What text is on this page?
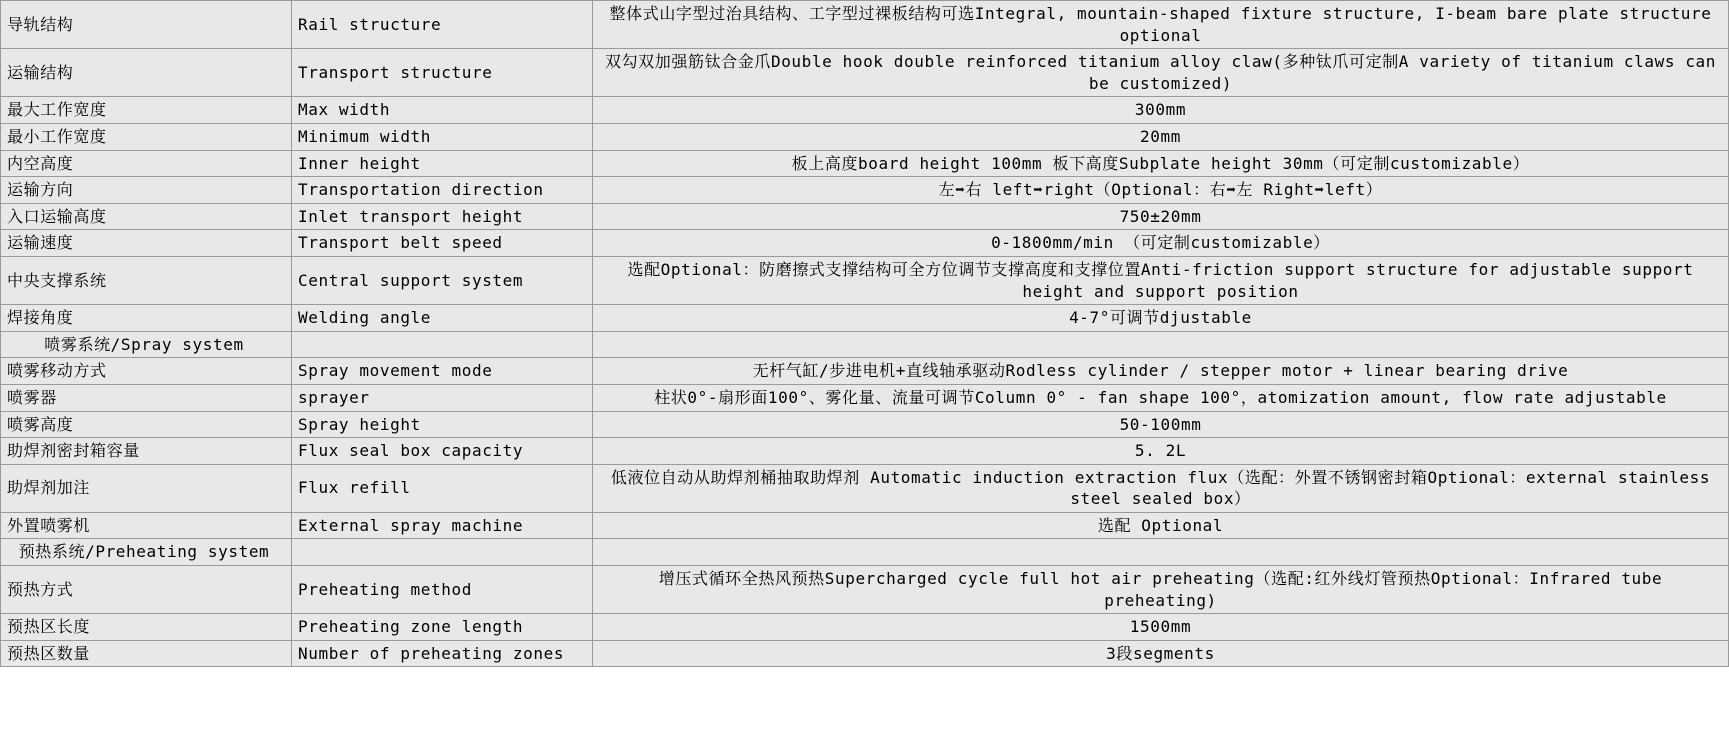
导轨结构	Rail structure	整体式山字型过治具结构、工字型过裸板结构可选Integral, mountain-shaped fixture structure, I-beam bare plate structure optional
运输结构	Transport structure	双勾双加强筋钛合金爪Double hook double reinforced titanium alloy claw(多种钛爪可定制A variety of titanium claws can be customized)
最大工作宽度	Max width	300mm
最小工作宽度	Minimum width	20mm
内空高度	Inner height	板上高度board height 100mm 板下高度Subplate height 30mm（可定制customizable）
运输方向	Transportation direction	左➡右 left➡right（Optional：右➡左 Right➡left）
入口运输高度	Inlet transport height	750±20mm
运输速度	Transport belt speed	0-1800mm/min （可定制customizable）
中央支撑系统	Central support system	选配Optional：防磨擦式支撑结构可全方位调节支撑高度和支撑位置Anti-friction support structure for adjustable support height and support position
焊接角度	Welding angle	4-7°可调节djustable
喷雾系统/Spray system		
喷雾移动方式	Spray movement mode	无杆气缸/步进电机+直线轴承驱动Rodless cylinder / stepper motor + linear bearing drive
喷雾器	sprayer	柱状0°-扇形面100°、雾化量、流量可调节Column 0° - fan shape 100°，atomization amount, flow rate adjustable
喷雾高度	Spray height	50-100mm
助焊剂密封箱容量	Flux seal box capacity	5. 2L
助焊剂加注	Flux refill	低液位自动从助焊剂桶抽取助焊剂 Automatic induction extraction flux（选配：外置不锈钢密封箱Optional：external stainless steel sealed box）
外置喷雾机	External spray machine	选配 Optional
预热系统/Preheating system		
预热方式	Preheating method	增压式循环全热风预热Supercharged cycle full hot air preheating（选配:红外线灯管预热Optional：Infrared tube preheating)
预热区长度	Preheating zone length	1500mm
预热区数量	Number of preheating zones	3段segments
